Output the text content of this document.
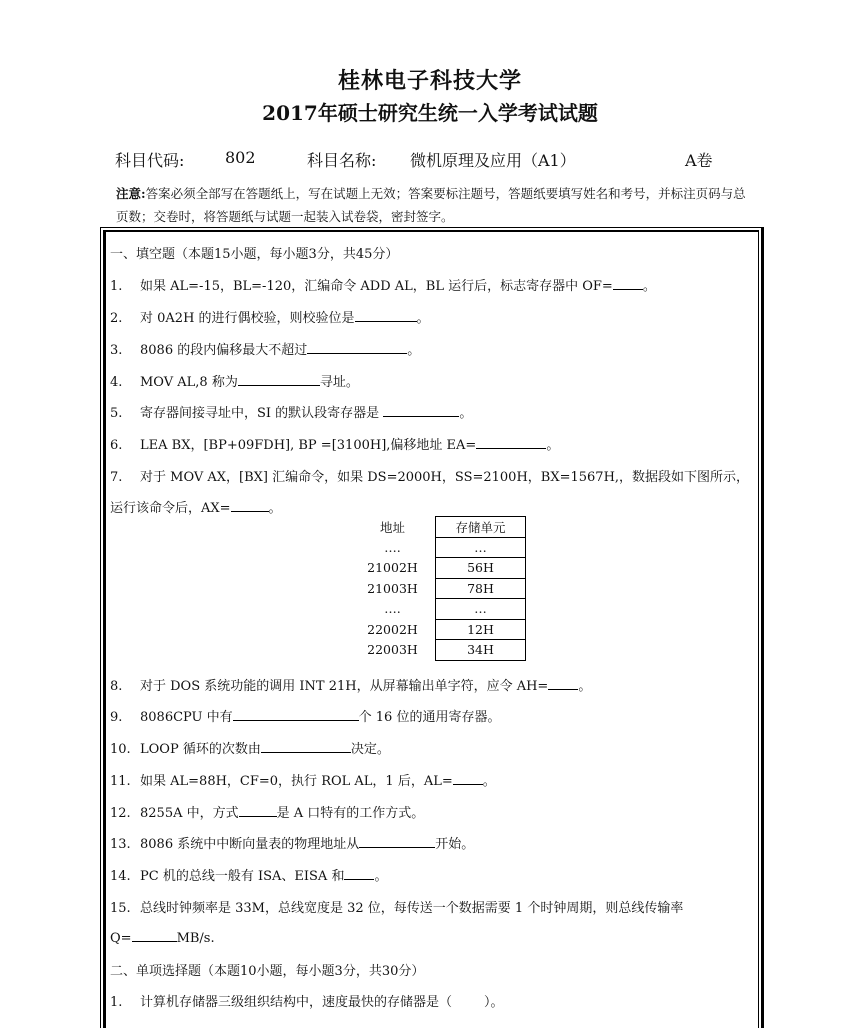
桂林电子科技大学
2017年硕士研究生统一入学考试试题
科目代码:	802	科目名称: 微机原理及应用（A1）	A卷
注意:答案必须全部写在答题纸上，写在试题上无效；答案要标注题号，答题纸要填写姓名和考号，并标注页码与总页数；交卷时，将答题纸与试题一起装入试卷袋，密封签字。
一、填空题（本题15小题，每小题3分，共45分）
1. 如果 AL=-15，BL=-120，汇编命令 ADD AL，BL 运行后，标志寄存器中 OF= 。
2. 对 0A2H 的进行偶校验，则校验位是	。
3. 8086 的段内偏移最大不超过	。
4. MOV AL,8 称为	寻址。
5. 寄存器间接寻址中，SI 的默认段寄存器是	。
6. LEA BX，[BP+09FDH], BP =[3100H],偏移地址 EA=	。
7. 对于 MOV AX，[BX] 汇编命令，如果 DS=2000H，SS=2100H，BX=1567H,，数据段如下图所示，
运行该命令后，AX=	。
地址	存储单元
….	…
21002H	56H
21003H	78H
….	…
22002H	12H
22003H	34H
8. 对于 DOS 系统功能的调用 INT 21H，从屏幕输出单字符，应令 AH= 。
9. 8086CPU 中有	个 16 位的通用寄存器。
10. LOOP 循环的次数由	决定。
11. 如果 AL=88H，CF=0，执行 ROL AL，1 后，AL= 。
12. 8255A 中，方式	是 A 口特有的工作方式。
13. 8086 系统中中断向量表的物理地址从	开始。
14. PC 机的总线一般有 ISA、EISA 和 。
15. 总线时钟频率是 33M，总线宽度是 32 位，每传送一个数据需要 1 个时钟周期，则总线传输率
Q=	MB/s.
二、单项选择题（本题10小题，每小题3分，共30分）
1. 计算机存储器三级组织结构中，速度最快的存储器是（ ）。
